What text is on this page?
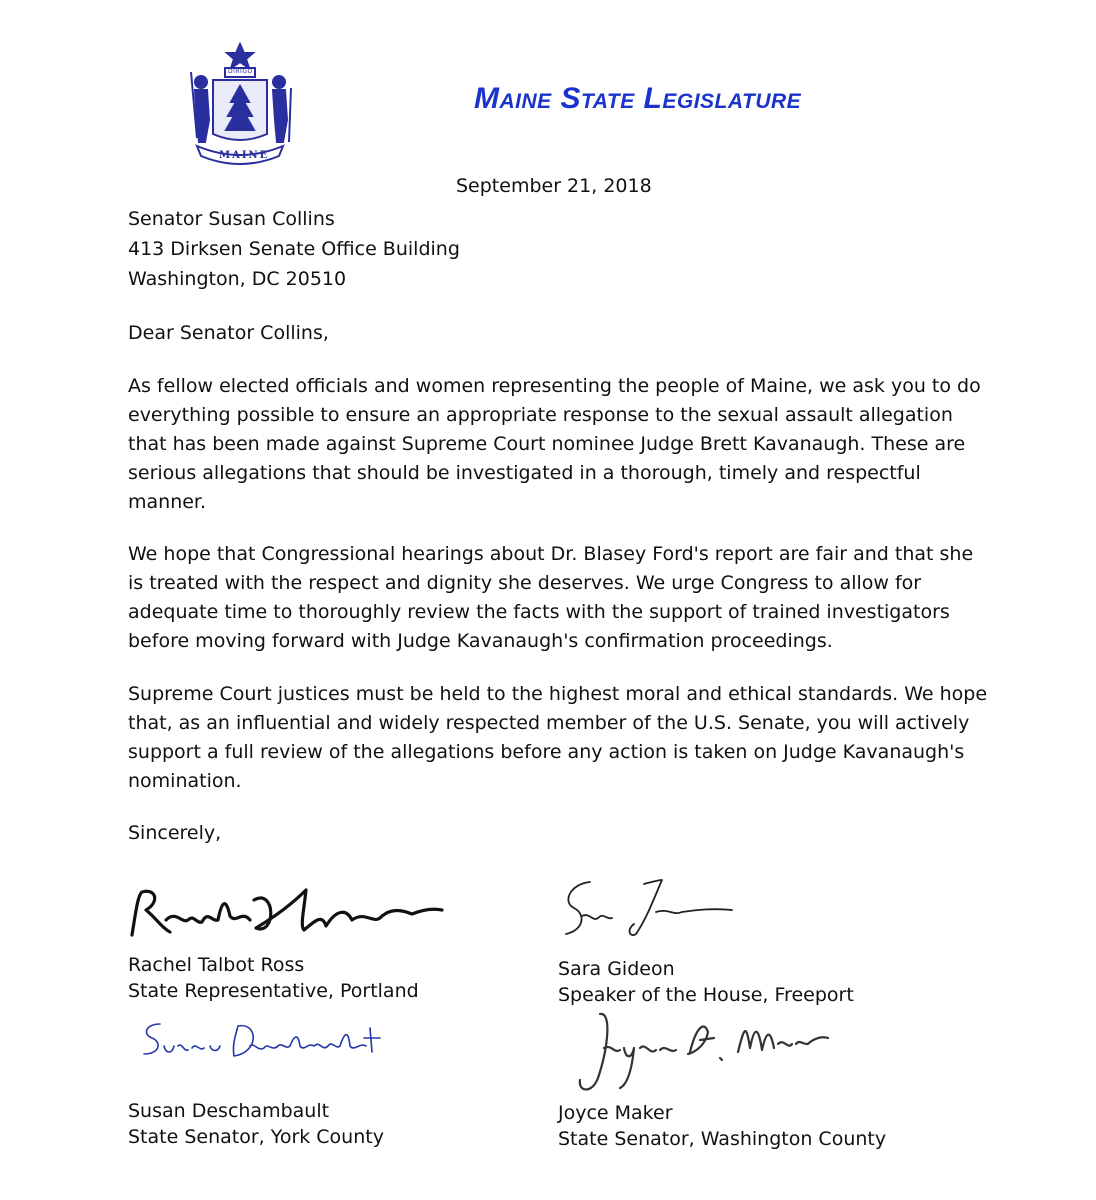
DIRIGO
MAINE
Maine State Legislature
September 21, 2018
Senator Susan Collins
413 Dirksen Senate Office Building
Washington, DC 20510
Dear Senator Collins,

As fellow elected officials and women representing the people of Maine, we ask you to do everything possible to ensure an appropriate response to the sexual assault allegation that has been made against Supreme Court nominee Judge Brett Kavanaugh. These are serious allegations that should be investigated in a thorough, timely and respectful manner.

We hope that Congressional hearings about Dr. Blasey Ford's report are fair and that she is treated with the respect and dignity she deserves. We urge Congress to allow for adequate time to thoroughly review the facts with the support of trained investigators before moving forward with Judge Kavanaugh's confirmation proceedings.

Supreme Court justices must be held to the highest moral and ethical standards. We hope that, as an influential and widely respected member of the U.S. Senate, you will actively support a full review of the allegations before any action is taken on Judge Kavanaugh's nomination.

Sincerely,
Rachel Talbot Ross
State Representative, Portland
Sara Gideon
Speaker of the House, Freeport
Susan Deschambault
State Senator, York County
Joyce Maker
State Senator, Washington County
